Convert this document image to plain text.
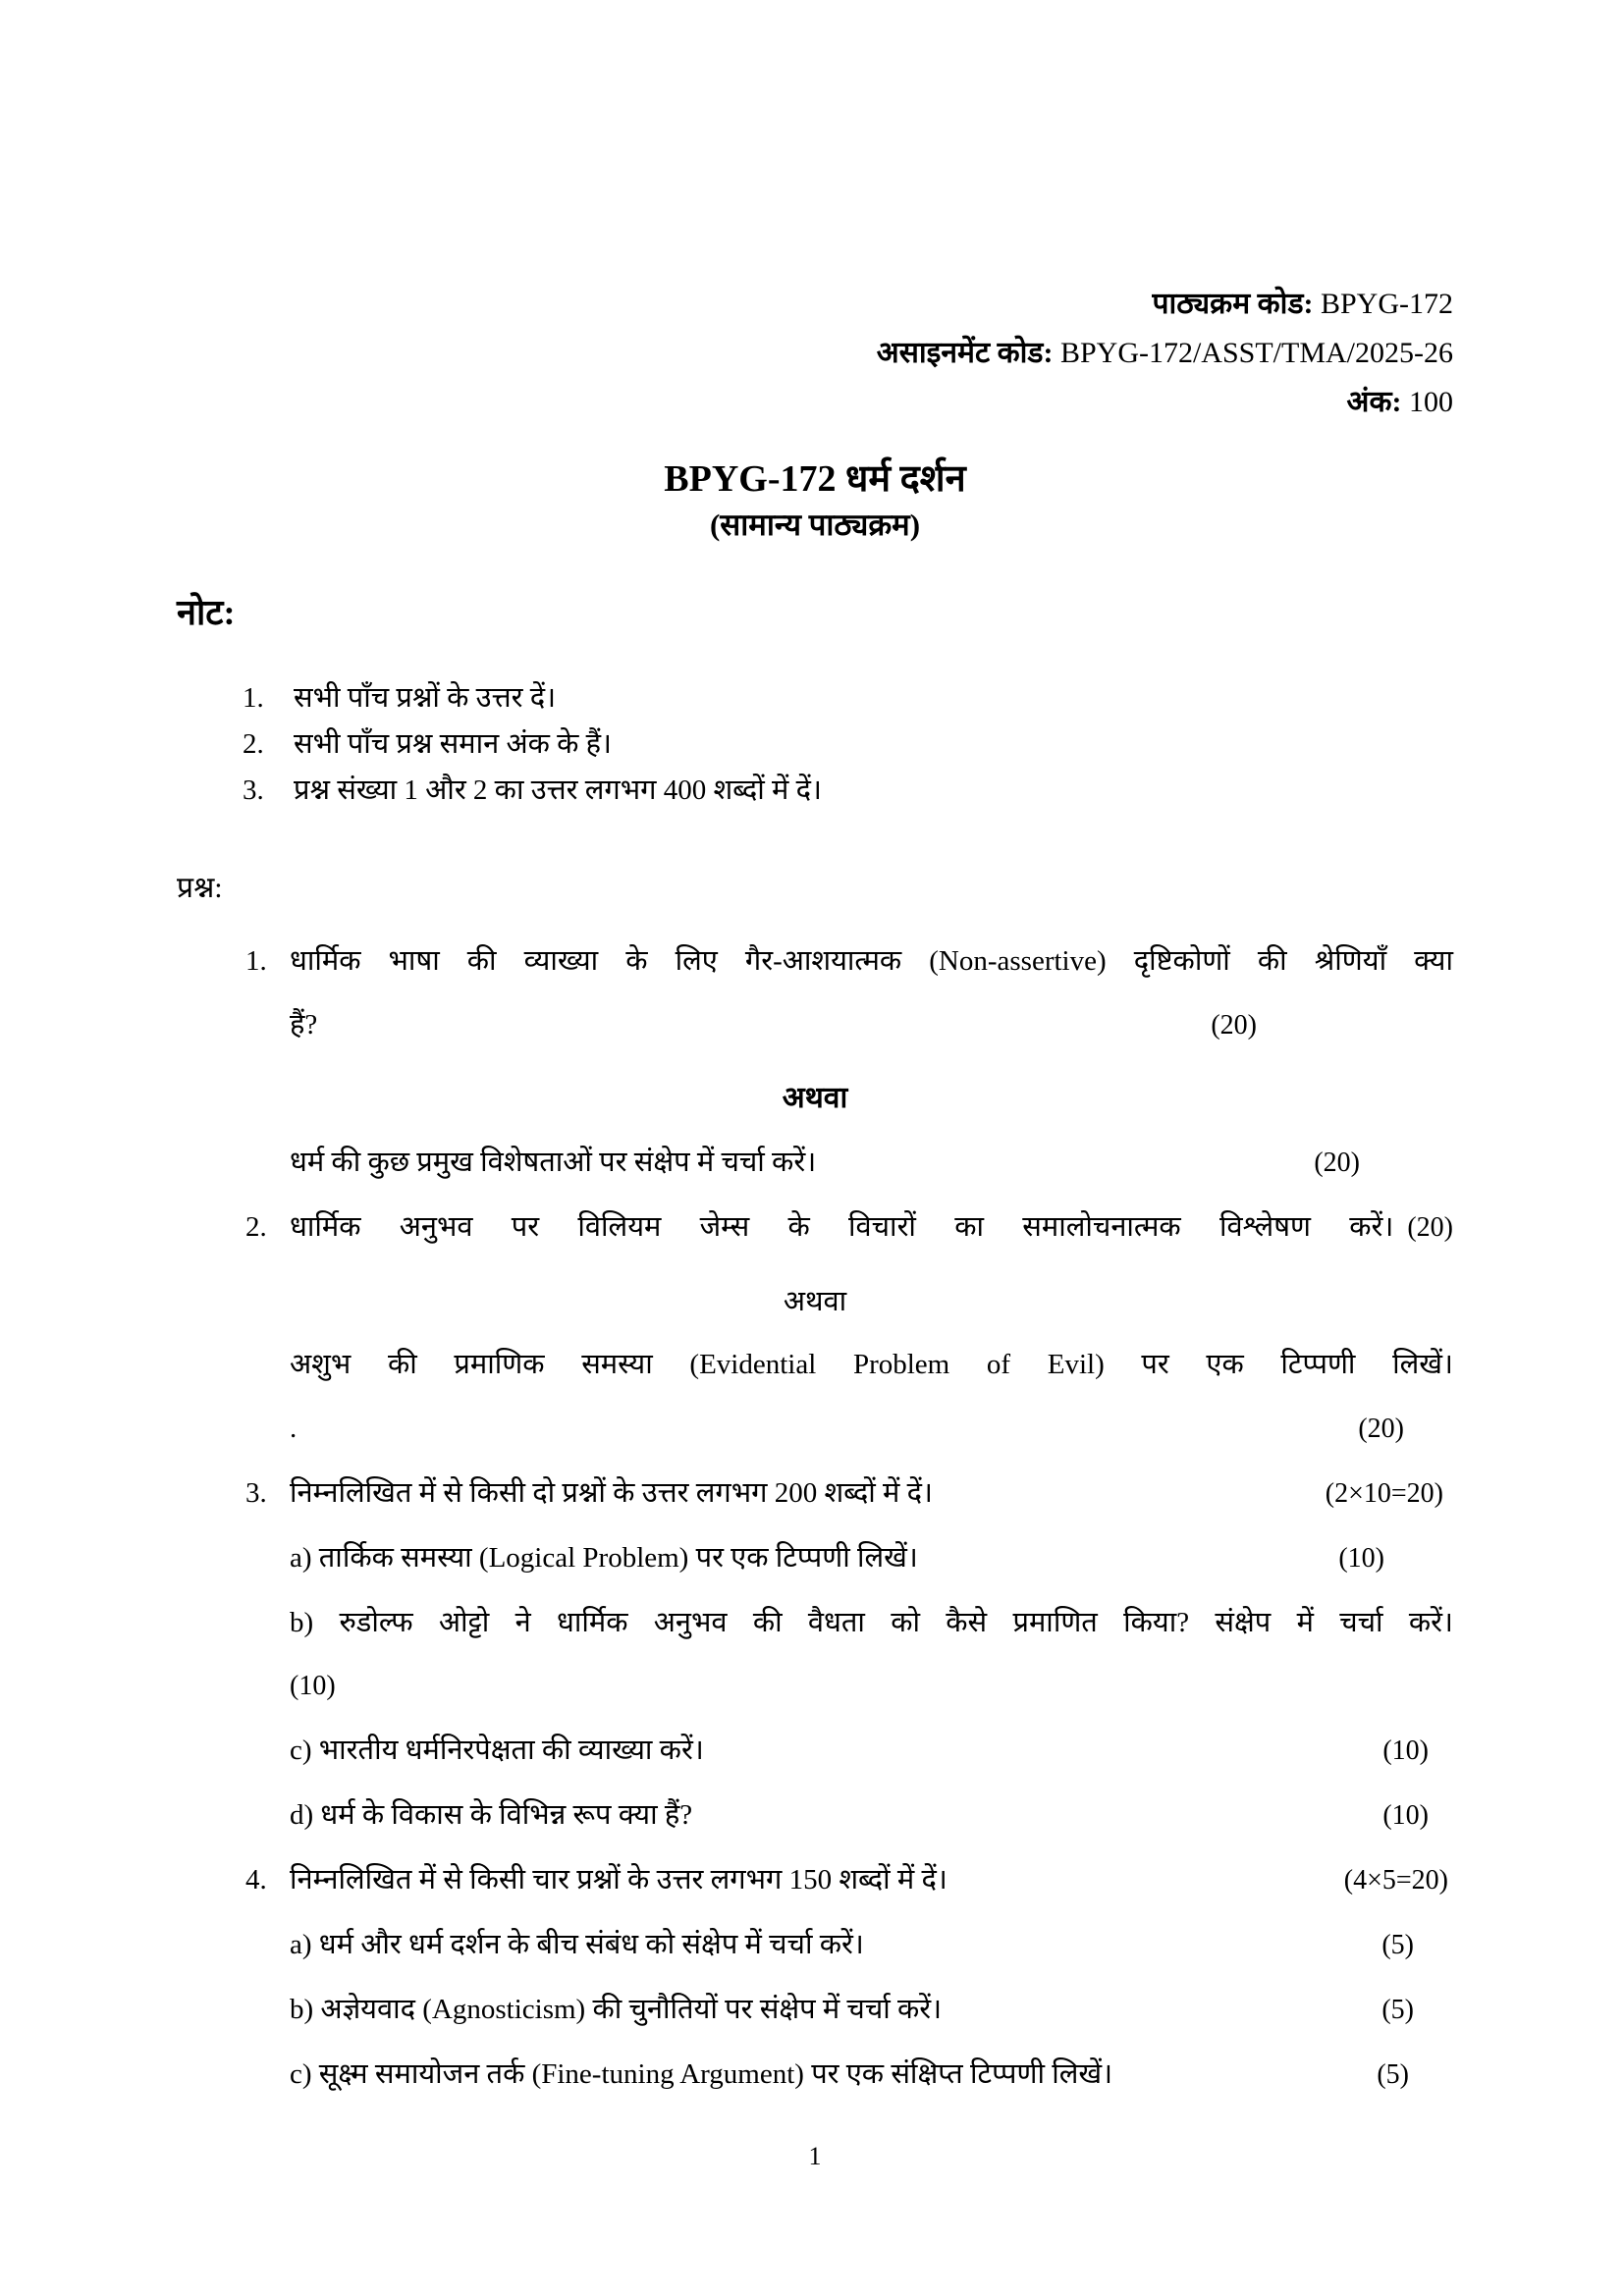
पाठ्यक्रम कोड: BPYG-172
असाइनमेंट कोड: BPYG-172/ASST/TMA/2025-26
अंक: 100
BPYG-172 धर्म दर्शन
(सामान्य पाठ्यक्रम)
नोट:
1.	सभी पाँच प्रश्नों के उत्तर दें।
2.	सभी पाँच प्रश्न समान अंक के हैं।
3.	प्रश्न संख्या 1 और 2 का उत्तर लगभग 400 शब्दों में दें।
प्रश्न:
1. धार्मिक भाषा की व्याख्या के लिए गैर-आशयात्मक (Non-assertive) दृष्टिकोणों की श्रेणियाँ क्या
हैं?	(20)
अथवा
धर्म की कुछ प्रमुख विशेषताओं पर संक्षेप में चर्चा करें।	(20)
2. धार्मिक अनुभव पर विलियम जेम्स के विचारों का समालोचनात्मक विश्लेषण करें। (20)
अथवा
अशुभ की प्रमाणिक समस्या (Evidential Problem of Evil) पर एक टिप्पणी लिखें।
.	(20)
3. निम्नलिखित में से किसी दो प्रश्नों के उत्तर लगभग 200 शब्दों में दें।	(2×10=20)
a) तार्किक समस्या (Logical Problem) पर एक टिप्पणी लिखें।	(10)
b) रुडोल्फ ओट्टो ने धार्मिक अनुभव की वैधता को कैसे प्रमाणित किया? संक्षेप में चर्चा करें।
(10)
c) भारतीय धर्मनिरपेक्षता की व्याख्या करें।	(10)
d) धर्म के विकास के विभिन्न रूप क्या हैं?	(10)
4. निम्नलिखित में से किसी चार प्रश्नों के उत्तर लगभग 150 शब्दों में दें।	(4×5=20)
a) धर्म और धर्म दर्शन के बीच संबंध को संक्षेप में चर्चा करें।	(5)
b) अज्ञेयवाद (Agnosticism) की चुनौतियों पर संक्षेप में चर्चा करें।	(5)
c) सूक्ष्म समायोजन तर्क (Fine-tuning Argument) पर एक संक्षिप्त टिप्पणी लिखें।	(5)
1
